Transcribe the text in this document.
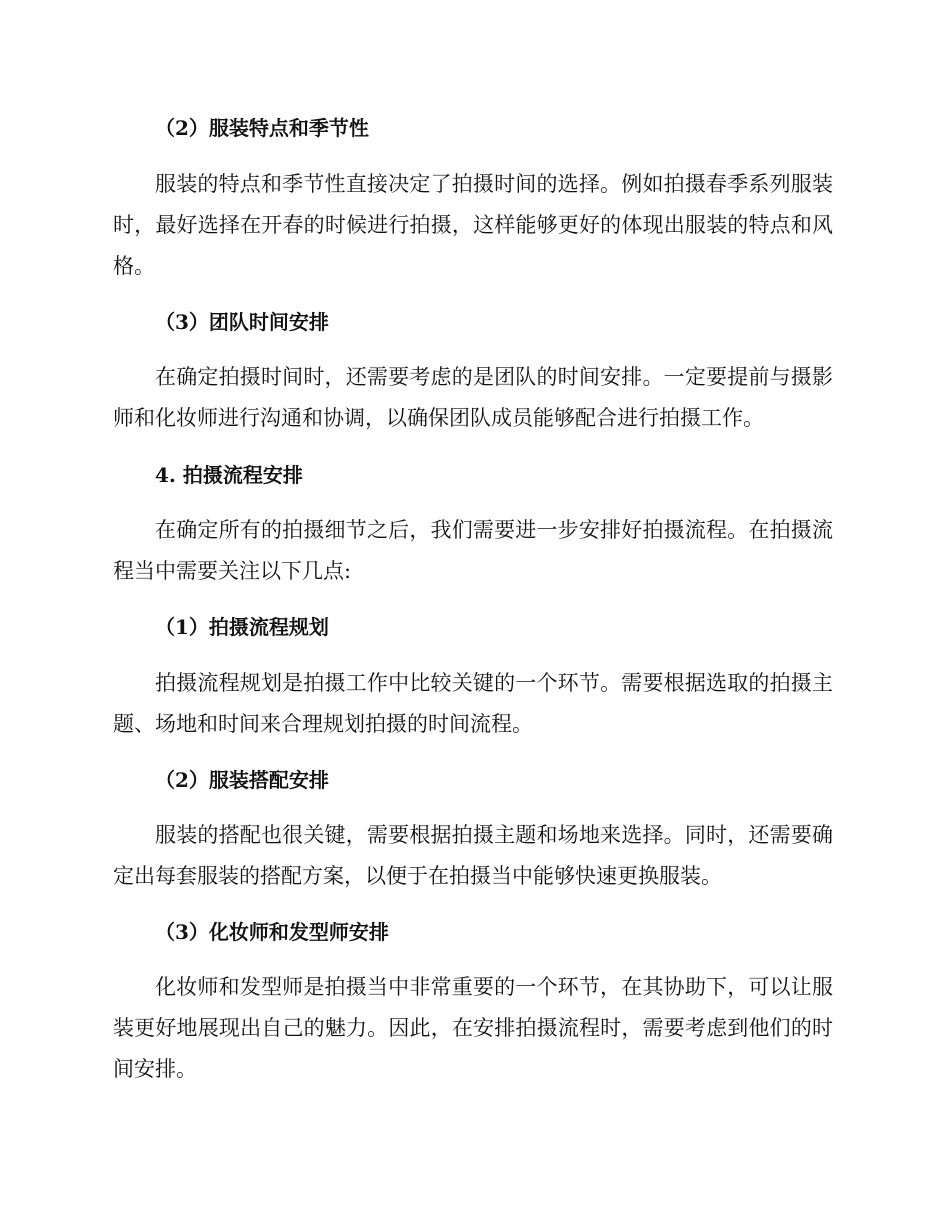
（2）服装特点和季节性

服装的特点和季节性直接决定了拍摄时间的选择。例如拍摄春季系列服装时，最好选择在开春的时候进行拍摄，这样能够更好的体现出服装的特点和风格。

（3）团队时间安排

在确定拍摄时间时，还需要考虑的是团队的时间安排。一定要提前与摄影师和化妆师进行沟通和协调，以确保团队成员能够配合进行拍摄工作。

4. 拍摄流程安排

在确定所有的拍摄细节之后，我们需要进一步安排好拍摄流程。在拍摄流程当中需要关注以下几点:

（1）拍摄流程规划

拍摄流程规划是拍摄工作中比较关键的一个环节。需要根据选取的拍摄主题、场地和时间来合理规划拍摄的时间流程。

（2）服装搭配安排

服装的搭配也很关键，需要根据拍摄主题和场地来选择。同时，还需要确定出每套服装的搭配方案，以便于在拍摄当中能够快速更换服装。

（3）化妆师和发型师安排

化妆师和发型师是拍摄当中非常重要的一个环节，在其协助下，可以让服装更好地展现出自己的魅力。因此，在安排拍摄流程时，需要考虑到他们的时间安排。
